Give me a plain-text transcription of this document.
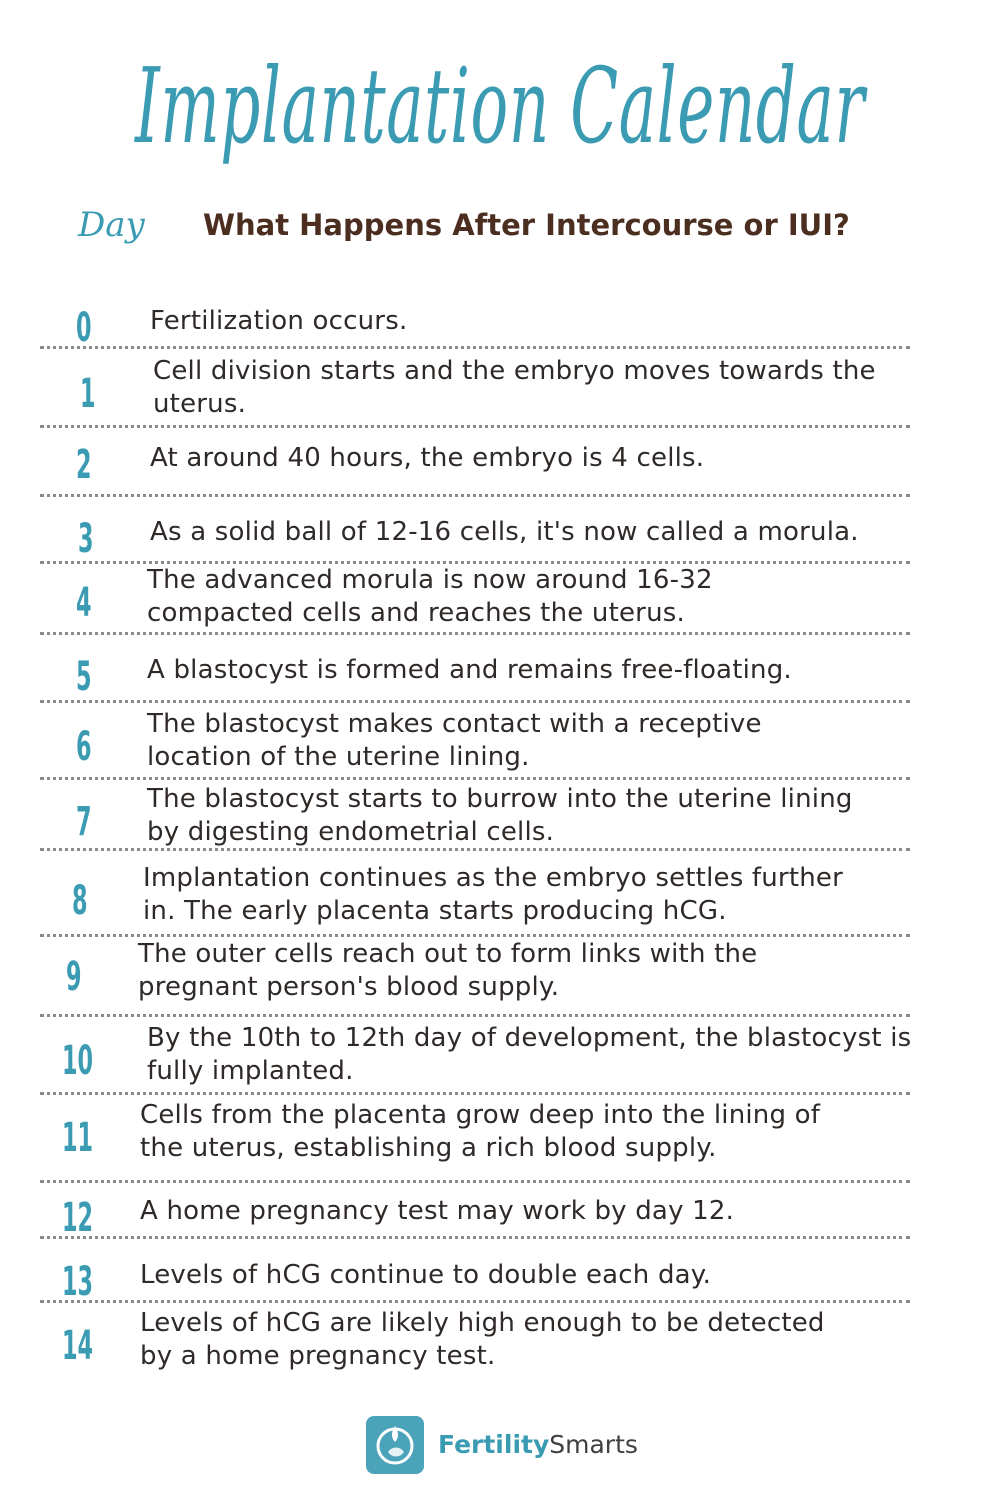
Implantation Calendar
Day What Happens After Intercourse or IUI?
0 Fertilization occurs.
1 Cell division starts and the embryo moves towards the
uterus.
2 At around 40 hours, the embryo is 4 cells.
3 As a solid ball of 12-16 cells, it's now called a morula.
4 The advanced morula is now around 16-32
compacted cells and reaches the uterus.
5 A blastocyst is formed and remains free-floating.
6 The blastocyst makes contact with a receptive
location of the uterine lining.
7 The blastocyst starts to burrow into the uterine lining
by digesting endometrial cells.
8 Implantation continues as the embryo settles further
in. The early placenta starts producing hCG.
9 The outer cells reach out to form links with the
pregnant person's blood supply.
10 By the 10th to 12th day of development, the blastocyst is
fully implanted.
11 Cells from the placenta grow deep into the lining of
the uterus, establishing a rich blood supply.
12 A home pregnancy test may work by day 12.
13 Levels of hCG continue to double each day.
14 Levels of hCG are likely high enough to be detected
by a home pregnancy test.
FertilitySmarts
